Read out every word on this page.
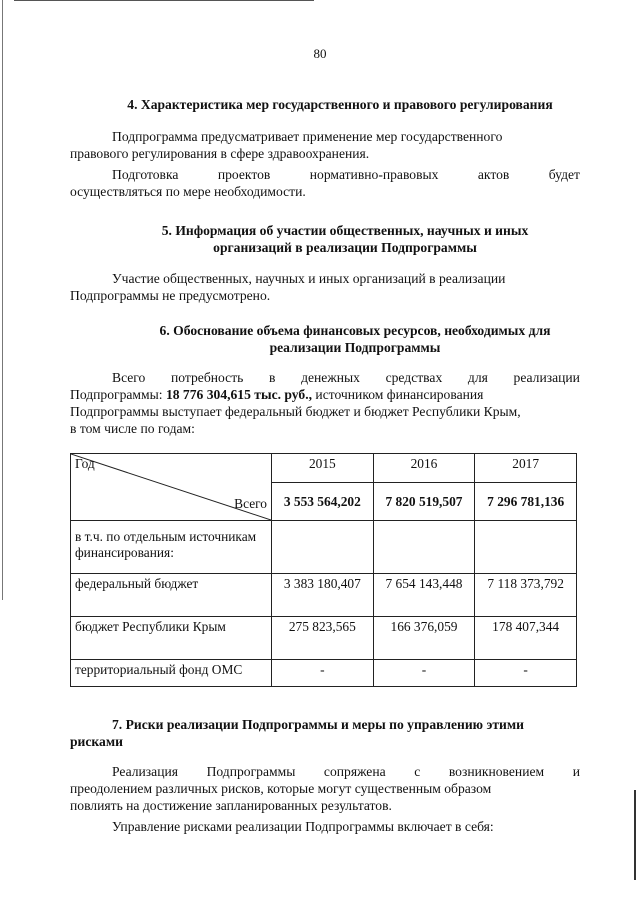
80
4. Характеристика мер государственного и правового регулирования
Подпрограмма предусматривает применение мер государственного
правового регулирования в сфере здравоохранения.
Подготовка	проектов	нормативно-правовых	актов	будет
осуществляться по мере необходимости.
5. Информация об участии общественных, научных и иных
организаций в реализации Подпрограммы
Участие общественных, научных и иных организаций в реализации
Подпрограммы не предусмотрено.
6. Обоснование объема финансовых ресурсов, необходимых для
реализации Подпрограммы
Всего потребность в денежных средствах для реализации
Подпрограммы: 18 776 304,615 тыс. руб., источником финансирования
Подпрограммы выступает федеральный бюджет и бюджет Республики Крым,
в том числе по годам:
Год
Всего	2015	2016	2017
	3 553 564,202	7 820 519,507	7 296 781,136
в т.ч. по отдельным источникам финансирования:			
федеральный бюджет	3 383 180,407	7 654 143,448	7 118 373,792
бюджет Республики Крым	275 823,565	166 376,059	178 407,344
территориальный фонд ОМС	-	-	-
7. Риски реализации Подпрограммы и меры по управлению этими
рисками
Реализация Подпрограммы сопряжена с возникновением и
преодолением различных рисков, которые могут существенным образом
повлиять на достижение запланированных результатов.
Управление рисками реализации Подпрограммы включает в себя:
